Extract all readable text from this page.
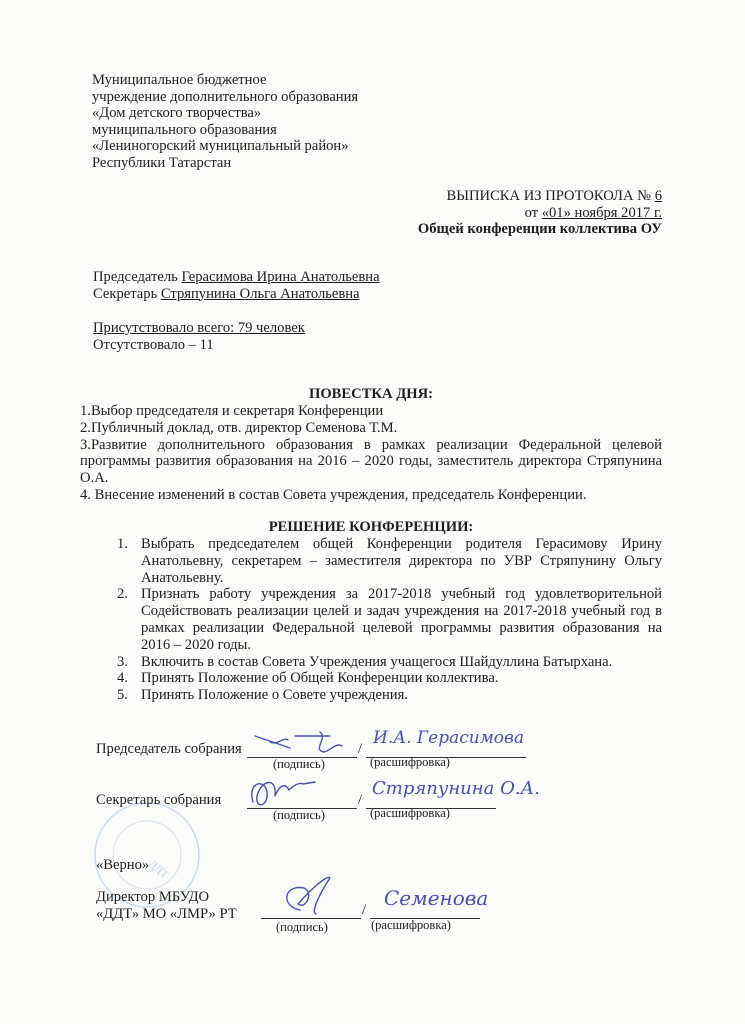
Муниципальное бюджетное
учреждение дополнительного образования
«Дом детского творчества»
муниципального образования
«Лениногорский муниципальный район»
Республики Татарстан
ВЫПИСКА ИЗ ПРОТОКОЛА № 6
от «01» ноября 2017 г.
Общей конференции коллектива ОУ
Председатель Герасимова Ирина Анатольевна
Секретарь Стряпунина Ольга Анатольевна
Присутствовало всего: 79 человек
Отсутствовало – 11
ПОВЕСТКА ДНЯ:
1.Выбор председателя и секретаря Конференции
2.Публичный доклад, отв. директор Семенова Т.М.
3.Развитие дополнительного образования в рамках реализации Федеральной целевой программы развития образования на 2016 – 2020 годы, заместитель директора Стряпунина О.А.
4. Внесение изменений в состав Совета учреждения, председатель Конференции.
РЕШЕНИЕ КОНФЕРЕНЦИИ:
1. Выбрать председателем общей Конференции родителя Герасимову Ирину Анатольевну, секретарем – заместителя директора по УВР Стряпунину Ольгу Анатольевну.
2. Признать работу учреждения за 2017-2018 учебный год удовлетворительной Содействовать реализации целей и задач учреждения на 2017-2018 учебный год в рамках реализации Федеральной целевой программы развития образования на 2016 – 2020 годы.
3. Включить в состав Совета Учреждения учащегося Шайдуллина Батырхана.
4. Принять Положение об Общей Конференции коллектива.
5. Принять Положение о Совете учреждения.
ДДТ
Председатель собрания	/
И.А. Герасимова
(подпись)	(расшифровка)
Секретарь собрания	/
Стряпунина О.А.
(подпись)	(расшифровка)
«Верно»
Директор МБУДО
«ДДТ» МО «ЛМР» РТ	/ Семенова
(подпись)	(расшифровка)
